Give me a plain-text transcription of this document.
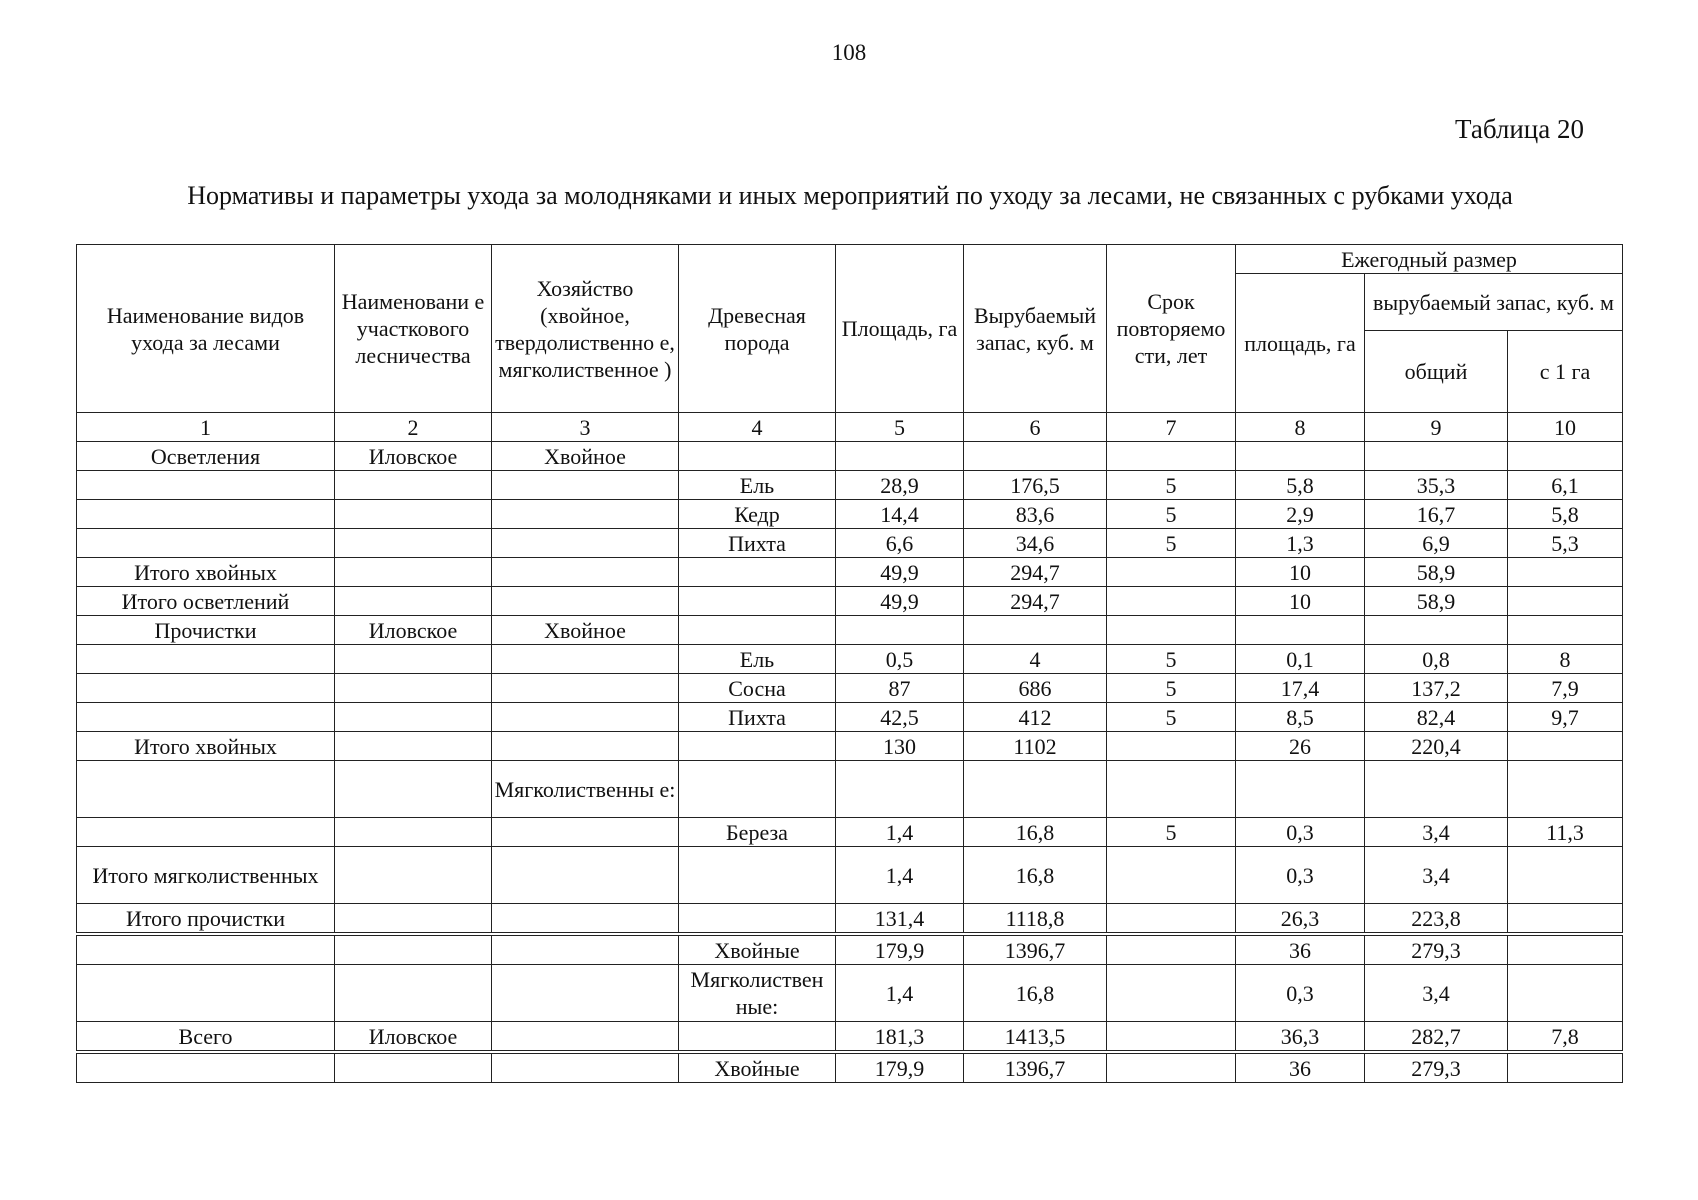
108
Таблица 20
Нормативы и параметры ухода за молодняками и иных мероприятий по уходу за лесами, не связанных с рубками ухода
Наименование видов ухода за лесами	Наименовани е участкового лесничества	Хозяйство (хвойное, твердолиственно е, мягколиственное )	Древесная порода	Площадь, га	Вырубаемый запас, куб. м	Срок повторяемо сти, лет	Ежегодный размер		
							площадь, га	вырубаемый запас, куб. м	
								общий	с 1 га
1	2	3	4	5	6	7	8	9	10
Осветления	Иловское	Хвойное							
			Ель	28,9	176,5	5	5,8	35,3	6,1
			Кедр	14,4	83,6	5	2,9	16,7	5,8
			Пихта	6,6	34,6	5	1,3	6,9	5,3
Итого хвойных				49,9	294,7		10	58,9	
Итого осветлений				49,9	294,7		10	58,9	
Прочистки	Иловское	Хвойное							
			Ель	0,5	4	5	0,1	0,8	8
			Сосна	87	686	5	17,4	137,2	7,9
			Пихта	42,5	412	5	8,5	82,4	9,7
Итого хвойных				130	1102		26	220,4	
		Мягколиственны е:							
			Береза	1,4	16,8	5	0,3	3,4	11,3
Итого мягколиственных				1,4	16,8		0,3	3,4	
Итого прочистки				131,4	1118,8		26,3	223,8	
			Хвойные	179,9	1396,7		36	279,3	
			Мягколиствен ные:	1,4	16,8		0,3	3,4	
Всего	Иловское			181,3	1413,5		36,3	282,7	7,8
			Хвойные	179,9	1396,7		36	279,3	
